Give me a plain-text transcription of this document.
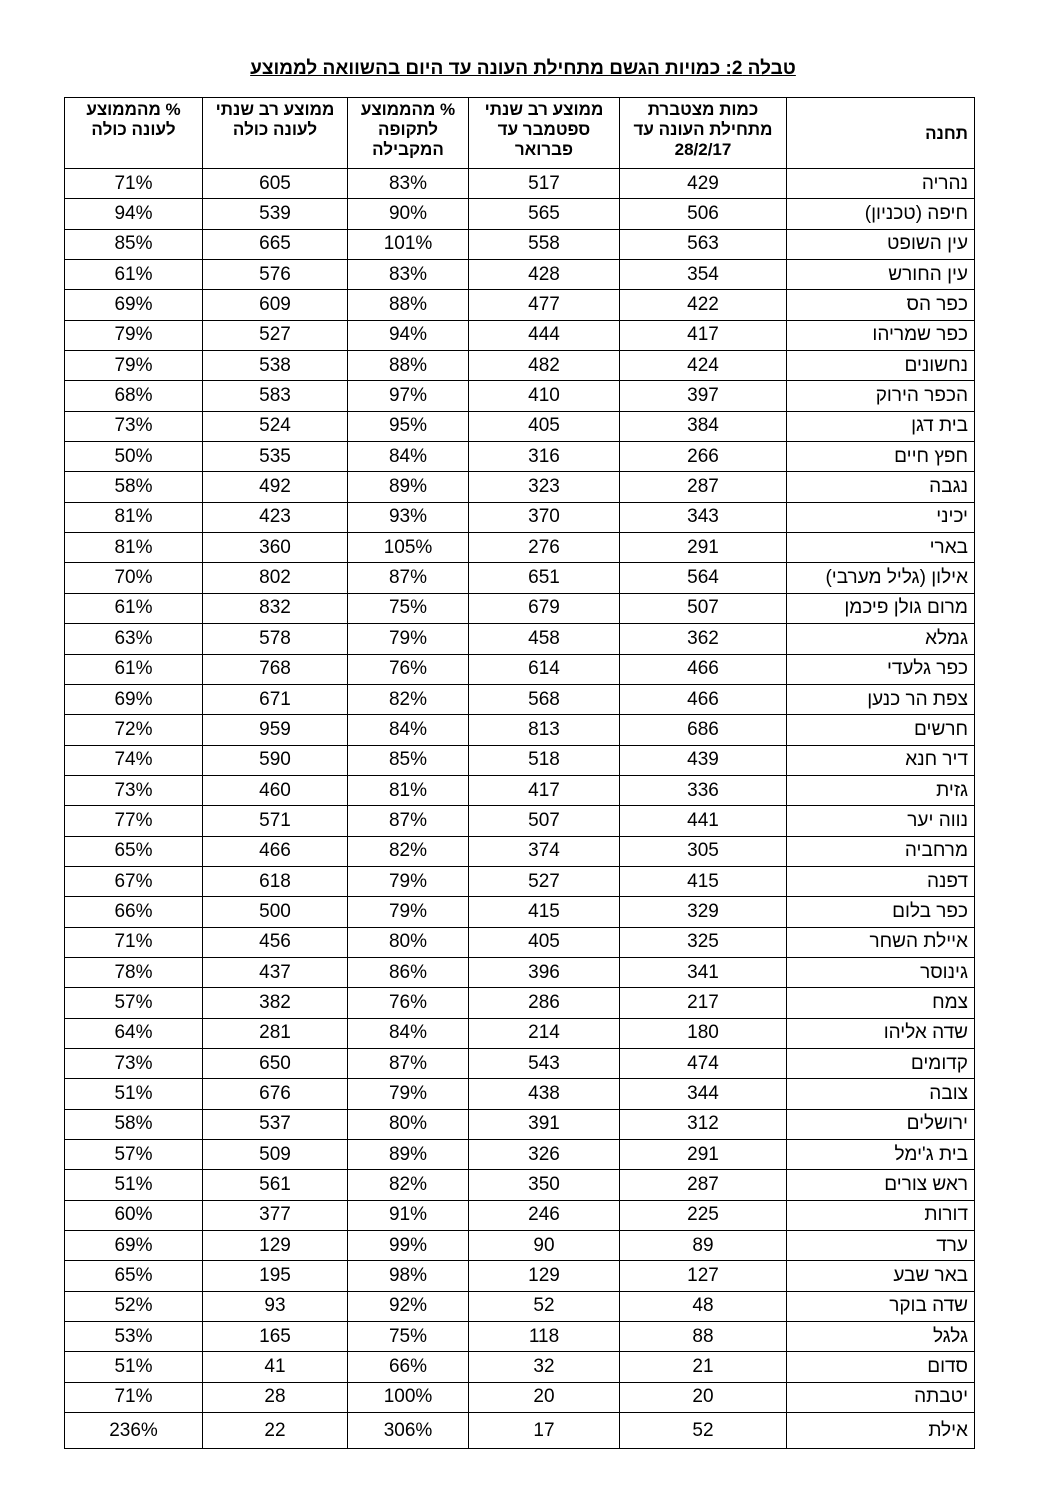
טבלה 2: כמויות הגשם מתחילת העונה עד היום בהשוואה לממוצע
תחנה	כמות מצטברת מתחילת העונה עד 28/2/17	ממוצע רב שנתי ספטמבר עד פברואר	% מהממוצע לתקופה המקבילה	ממוצע רב שנתי לעונה כולה	% מהממוצע לעונה כולה
נהריה	429	517	83%	605	71%
חיפה (טכניון)	506	565	90%	539	94%
עין השופט	563	558	101%	665	85%
עין החורש	354	428	83%	576	61%
כפר הס	422	477	88%	609	69%
כפר שמריהו	417	444	94%	527	79%
נחשונים	424	482	88%	538	79%
הכפר הירוק	397	410	97%	583	68%
בית דגן	384	405	95%	524	73%
חפץ חיים	266	316	84%	535	50%
נגבה	287	323	89%	492	58%
יכיני	343	370	93%	423	81%
בארי	291	276	105%	360	81%
אילון (גליל מערבי)	564	651	87%	802	70%
מרום גולן פיכמן	507	679	75%	832	61%
גמלא	362	458	79%	578	63%
כפר גלעדי	466	614	76%	768	61%
צפת הר כנען	466	568	82%	671	69%
חרשים	686	813	84%	959	72%
דיר חנא	439	518	85%	590	74%
גזית	336	417	81%	460	73%
נווה יער	441	507	87%	571	77%
מרחביה	305	374	82%	466	65%
דפנה	415	527	79%	618	67%
כפר בלום	329	415	79%	500	66%
איילת השחר	325	405	80%	456	71%
גינוסר	341	396	86%	437	78%
צמח	217	286	76%	382	57%
שדה אליהו	180	214	84%	281	64%
קדומים	474	543	87%	650	73%
צובה	344	438	79%	676	51%
ירושלים	312	391	80%	537	58%
בית ג'ימל	291	326	89%	509	57%
ראש צורים	287	350	82%	561	51%
דורות	225	246	91%	377	60%
ערד	89	90	99%	129	69%
באר שבע	127	129	98%	195	65%
שדה בוקר	48	52	92%	93	52%
גלגל	88	118	75%	165	53%
סדום	21	32	66%	41	51%
יטבתה	20	20	100%	28	71%
אילת	52	17	306%	22	236%
